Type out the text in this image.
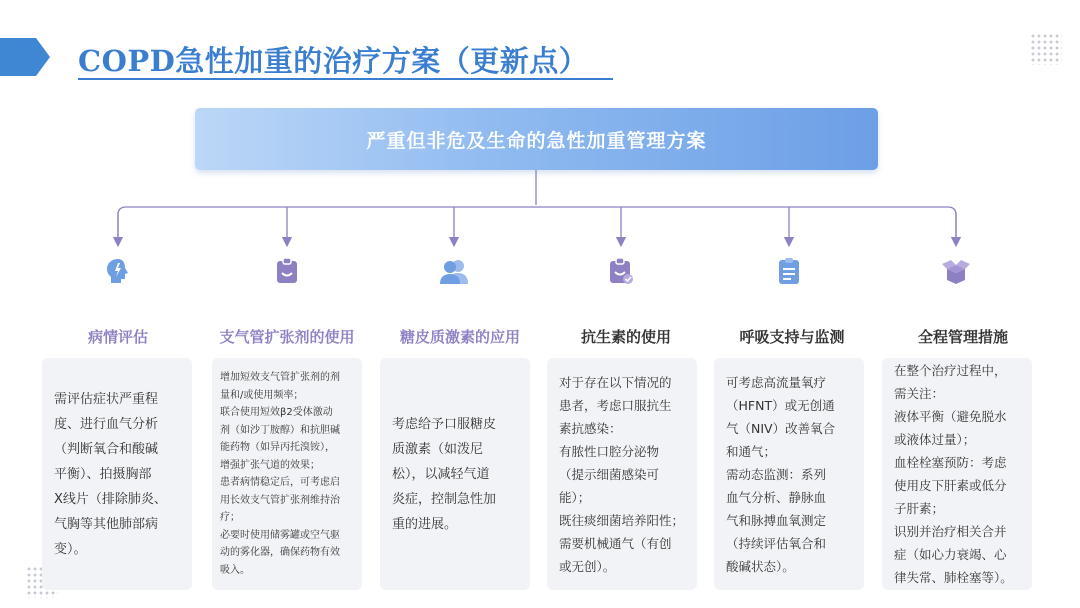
COPD急性加重的治疗方案（更新点）
严重但非危及生命的急性加重管理方案
病情评估
需评估症状严重程
度、进行血气分析
（判断氧合和酸碱
平衡）、拍摄胸部
X线片（排除肺炎、
气胸等其他肺部病
变）。
支气管扩张剂的使用
增加短效支气管扩张剂的剂
量和/或使用频率；
联合使用短效β2受体激动
剂（如沙丁胺醇）和抗胆碱
能药物（如异丙托溴铵），
增强扩张气道的效果；
患者病情稳定后，可考虑启
用长效支气管扩张剂维持治
疗；
必要时使用储雾罐或空气驱
动的雾化器，确保药物有效
吸入。
糖皮质激素的应用
考虑给予口服糖皮
质激素（如泼尼
松），以减轻气道
炎症，控制急性加
重的进展。
抗生素的使用
对于存在以下情况的
患者，考虑口服抗生
素抗感染：
有脓性口腔分泌物
（提示细菌感染可
能）；
既往痰细菌培养阳性；
需要机械通气（有创
或无创）。
呼吸支持与监测
可考虑高流量氧疗
（HFNT）或无创通
气（NIV）改善氧合
和通气；
需动态监测：系列
血气分析、静脉血
气和脉搏血氧测定
（持续评估氧合和
酸碱状态）。
全程管理措施
在整个治疗过程中，
需关注：
液体平衡（避免脱水
或液体过量）；
血栓栓塞预防：考虑
使用皮下肝素或低分
子肝素；
识别并治疗相关合并
症（如心力衰竭、心
律失常、肺栓塞等）。
